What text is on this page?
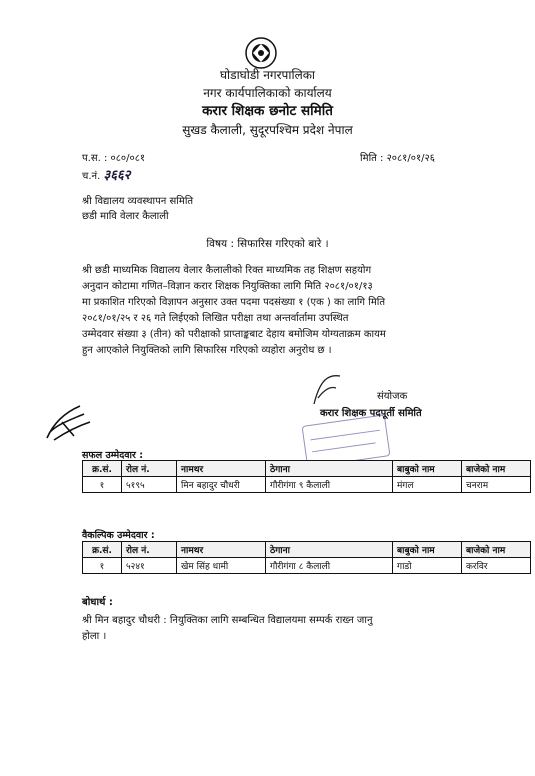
घोडाघोडी नगरपालिका
नगर कार्यपालिकाको कार्यालय
करार शिक्षक छनोट समिति
सुखड कैलाली, सुदूरपश्चिम प्रदेश नेपाल
प.स. : ०८०/०८१
च.नं. ३६६२
मिति : २०८१/०१/२६
श्री विद्यालय व्यवस्थापन समिति
छडी मावि वेलार कैलाली
विषय : सिफारिस गरिएको बारे ।
श्री छडी माध्यमिक विद्यालय वेलार कैलालीको रिक्त माध्यमिक तह शिक्षण सहयोग
अनुदान कोटामा गणित–विज्ञान करार शिक्षक नियुक्तिका लागि मिति २०८१/०१/१३
मा प्रकाशित गरिएको विज्ञापन अनुसार उक्त पदमा पदसंख्या १ (एक ) का लागि मिति
२०८१/०१/२५ र २६ गते लिईएको लिखित परीक्षा तथा अन्तर्वार्तामा उपस्थित
उम्मेदवार संख्या ३ (तीन) को परीक्षाको प्राप्ताङ्कबाट देहाय बमोजिम योग्यताक्रम कायम
हुन आएकोले नियुक्तिको लागि सिफारिस गरिएको व्यहोरा अनुरोध छ ।
संयोजक
करार शिक्षक पदपूर्ती समिति
सफल उम्मेदवार :
क्र.सं.	रोल नं.	नामथर	ठेगाना	बाबुको नाम	बाजेको नाम
१	५१९५	मिन बहादुर चौधरी	गौरीगंगा ९ कैलाली	मंगल	चनराम
वैकल्पिक उम्मेदवार :
क्र.सं.	रोल नं.	नामथर	ठेगाना	बाबुको नाम	बाजेको नाम
१	५२४१	खेम सिंह धामी	गौरीगंगा ८ कैलाली	गाडो	करविर
बोधार्थ :
श्री मिन बहादुर चौधरी : नियुक्तिका लागि सम्बन्धित विद्यालयमा सम्पर्क राख्न जानु
होला ।
